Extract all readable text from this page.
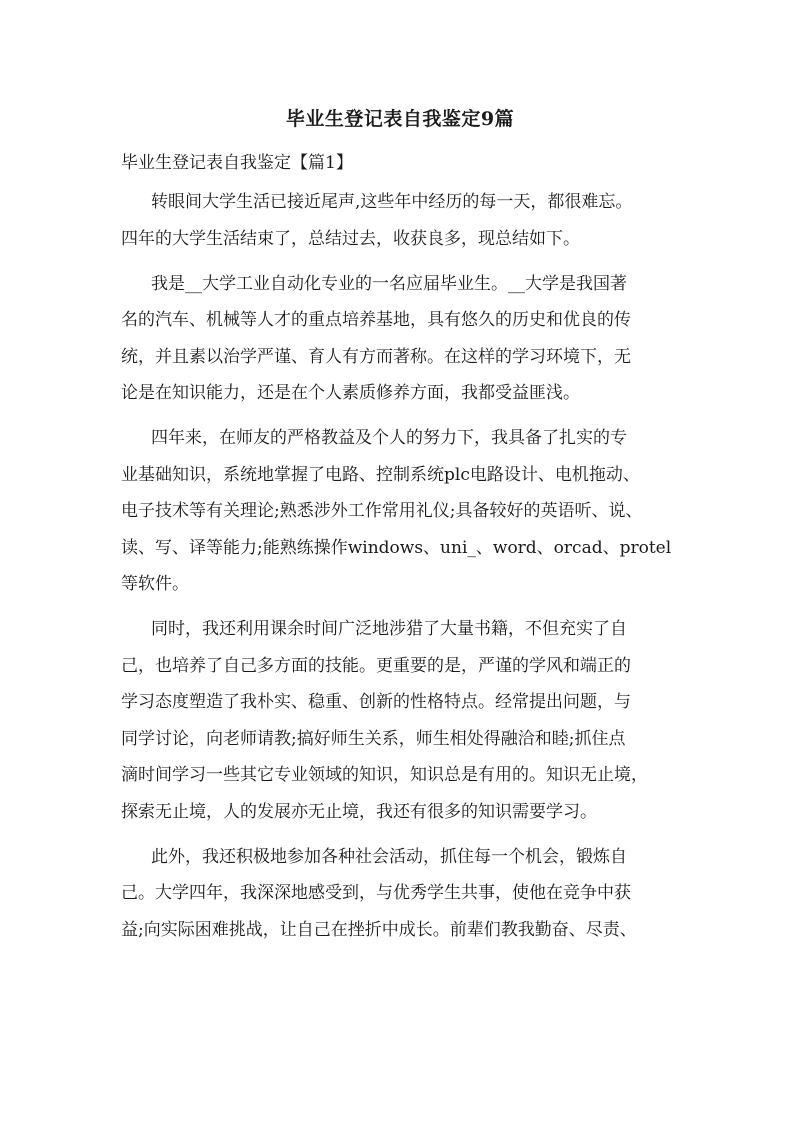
毕业生登记表自我鉴定9篇
毕业生登记表自我鉴定【篇1】

转眼间大学生活已接近尾声,这些年中经历的每一天，都很难忘。
四年的大学生活结束了，总结过去，收获良多，现总结如下。

我是__大学工业自动化专业的一名应届毕业生。__大学是我国著
名的汽车、机械等人才的重点培养基地，具有悠久的历史和优良的传
统，并且素以治学严谨、育人有方而著称。在这样的学习环境下，无
论是在知识能力，还是在个人素质修养方面，我都受益匪浅。

四年来，在师友的严格教益及个人的努力下，我具备了扎实的专
业基础知识，系统地掌握了电路、控制系统plc电路设计、电机拖动、
电子技术等有关理论;熟悉涉外工作常用礼仪;具备较好的英语听、说、
读、写、译等能力;能熟练操作windows、uni_、word、orcad、protel
等软件。

同时，我还利用课余时间广泛地涉猎了大量书籍，不但充实了自
己，也培养了自己多方面的技能。更重要的是，严谨的学风和端正的
学习态度塑造了我朴实、稳重、创新的性格特点。经常提出问题，与
同学讨论，向老师请教;搞好师生关系，师生相处得融洽和睦;抓住点
滴时间学习一些其它专业领域的知识，知识总是有用的。知识无止境，
探索无止境，人的发展亦无止境，我还有很多的知识需要学习。

此外，我还积极地参加各种社会活动，抓住每一个机会，锻炼自
己。大学四年，我深深地感受到，与优秀学生共事，使他在竞争中获
益;向实际困难挑战，让自己在挫折中成长。前辈们教我勤奋、尽责、
